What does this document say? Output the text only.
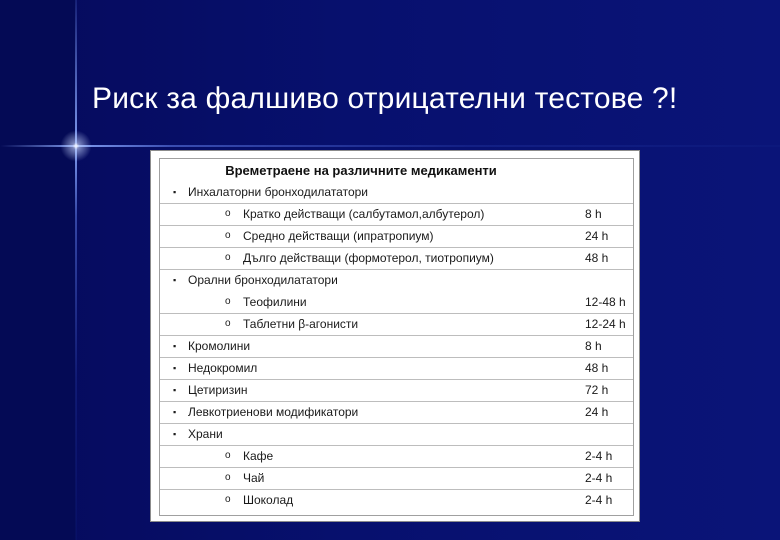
Риск за фалшиво отрицателни тестове ?!
▪ Инхалаторни бронходилататори
o Кратко действащи (салбутамол,албутерол)	8 h
o Средно действащи (ипратропиум)	24 h
o Дълго действащи (формотерол, тиотропиум)	48 h
▪ Орални бронходилататори
o Теофилини	12-48 h
o Таблетни β-агонисти	12-24 h
▪ Кромолини	8 h
▪ Недокромил	48 h
▪ Цетиризин	72 h
▪ Левкотриенови модификатори	24 h
▪ Храни
o Кафе	2-4 h
o Чай	2-4 h
o Шоколад	2-4 h
Времетраене на различните медикаменти
